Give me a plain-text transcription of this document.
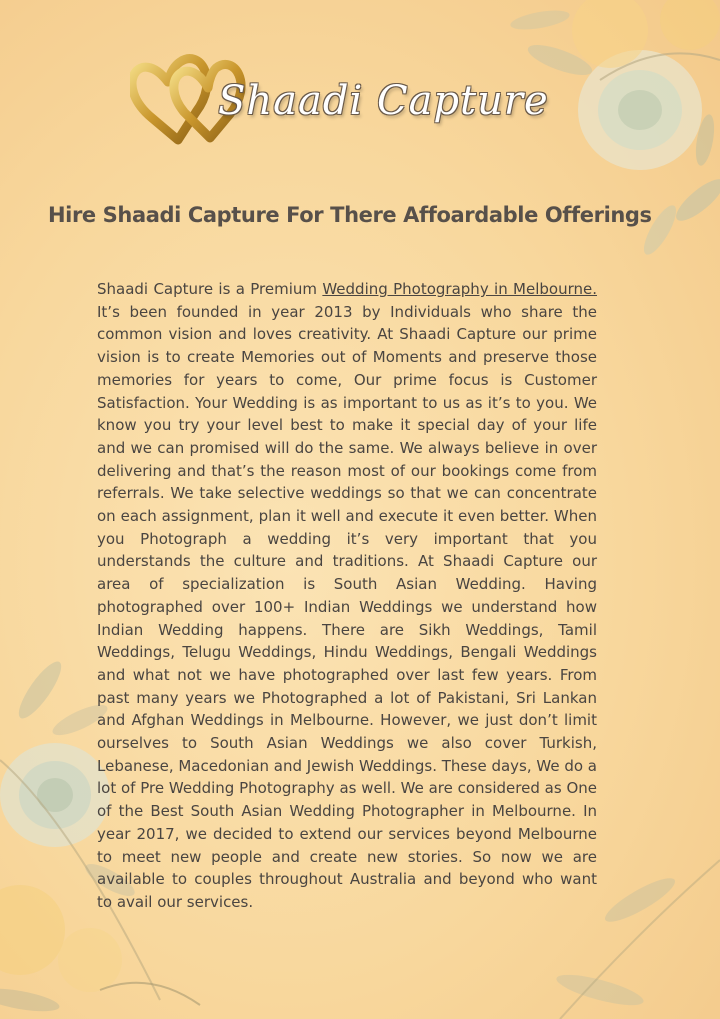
Shaadi Capture
Hire Shaadi Capture For There Affoardable Offerings

Shaadi Capture is a Premium Wedding Photography in Melbourne. It’s been founded in year 2013 by Individuals who share the common vision and loves creativity. At Shaadi Capture our prime vision is to create Memories out of Moments and preserve those memories for years to come, Our prime focus is Customer Satisfaction. Your Wedding is as important to us as it’s to you. We know you try your level best to make it special day of your life and we can promised will do the same. We always believe in over delivering and that’s the reason most of our bookings come from referrals. We take selective weddings so that we can concentrate on each assignment, plan it well and execute it even better. When you Photograph a wedding it’s very important that you understands the culture and traditions. At Shaadi Capture our area of specialization is South Asian Wedding. Having photographed over 100+ Indian Weddings we understand how Indian Wedding happens. There are Sikh Weddings, Tamil Weddings, Telugu Weddings, Hindu Weddings, Bengali Weddings and what not we have photographed over last few years. From past many years we Photographed a lot of Pakistani, Sri Lankan and Afghan Weddings in Melbourne. However, we just don’t limit ourselves to South Asian Weddings we also cover Turkish, Lebanese, Macedonian and Jewish Weddings. These days, We do a lot of Pre Wedding Photography as well. We are considered as One of the Best South Asian Wedding Photographer in Melbourne. In year 2017, we decided to extend our services beyond Melbourne to meet new people and create new stories. So now we are available to couples throughout Australia and beyond who want to avail our services.
